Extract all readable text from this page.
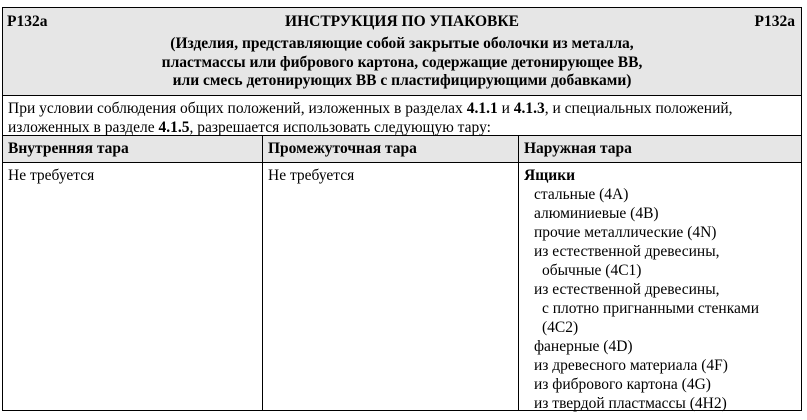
P132a	ИНСТРУКЦИЯ ПО УПАКОВКЕ	P132a
(Изделия, представляющие собой закрытые оболочки из металла,
пластмассы или фибрового картона, содержащие детонирующее ВВ,
или смесь детонирующих ВВ с пластифицирующими добавками)
При условии соблюдения общих положений, изложенных в разделах 4.1.1 и 4.1.3, и специальных положений, изложенных в разделе 4.1.5, разрешается использовать следующую тару:
Внутренняя тара	Промежуточная тара	Наружная тара
Не требуется	Не требуется	Ящики
стальные (4A)
алюминиевые (4B)
прочие металлические (4N)
из естественной древесины,
обычные (4C1)
из естественной древесины,
с плотно пригнанными стенками
(4C2)
фанерные (4D)
из древесного материала (4F)
из фибрового картона (4G)
из твердой пластмассы (4H2)
